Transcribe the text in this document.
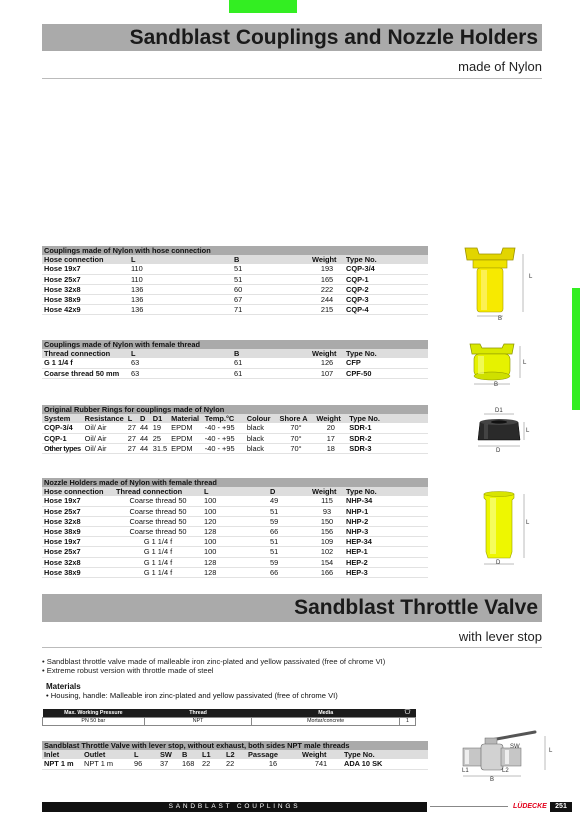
Sandblast Couplings and Nozzle Holders
made of Nylon
Couplings made of Nylon with hose connection					
Hose connection	L		B	Weight	Type No.
Hose 19x7	110		51	193	CQP-3/4
Hose 25x7	110		51	165	CQP-1
Hose 32x8	136		60	222	CQP-2
Hose 38x9	136		67	244	CQP-3
Hose 42x9	136		71	215	CQP-4
L
B
Couplings made of Nylon with female thread					
Thread connection	L		B	Weight	Type No.
G 1 1/4 f	63		61	126	CFP
Coarse thread 50 mm	63		61	107	CPF-50
L
B
Original Rubber Rings for couplings made of Nylon										
System	Resistance	L	D	D1	Material	Temp.°C	Colour	Shore A	Weight	Type No.
CQP-3/4	Oil/ Air	27	44	19	EPDM	-40 - +95	black	70°	20	SDR-1
CQP-1	Oil/ Air	27	44	25	EPDM	-40 - +95	black	70°	17	SDR-2
Other types	Oil/ Air	27	44	31.5	EPDM	-40 - +95	black	70°	18	SDR-3
D1
L
D
Nozzle Holders made of Nylon with female thread					
Hose connection	Thread connection	L	D	Weight	Type No.
Hose 19x7	Coarse thread 50	100	49	115	NHP-34
Hose 25x7	Coarse thread 50	100	51	93	NHP-1
Hose 32x8	Coarse thread 50	120	59	150	NHP-2
Hose 38x9	Coarse thread 50	128	66	156	NHP-3
Hose 19x7	G 1 1/4 f	100	51	109	HEP-34
Hose 25x7	G 1 1/4 f	100	51	102	HEP-1
Hose 32x8	G 1 1/4 f	128	59	154	HEP-2
Hose 38x9	G 1 1/4 f	128	66	166	HEP-3
L
D
Sandblast Throttle Valve
with lever stop
• Sandblast throttle valve made of malleable iron zinc-plated and yellow passivated (free of chrome VI)
• Extreme robust version with throttle made of steel
Materials
• Housing, handle: Malleable iron zinc-plated and yellow passivated (free of chrome VI)
Max. Working Pressure	Thread	Media	
PN 50 bar	NPT	Mortar/concrete	1
Sandblast Throttle Valve with lever stop, without exhaust, both sides NPT male threads									
Inlet	Outlet	L	SW	B	L1	L2	Passage	Weight	Type No.
NPT 1 m	NPT 1 m	96	37	168	22	22	16	741	ADA 10 SK
SW
L
L1	L2
B
SANDBLAST COUPLINGS	LÜDECKE	251
